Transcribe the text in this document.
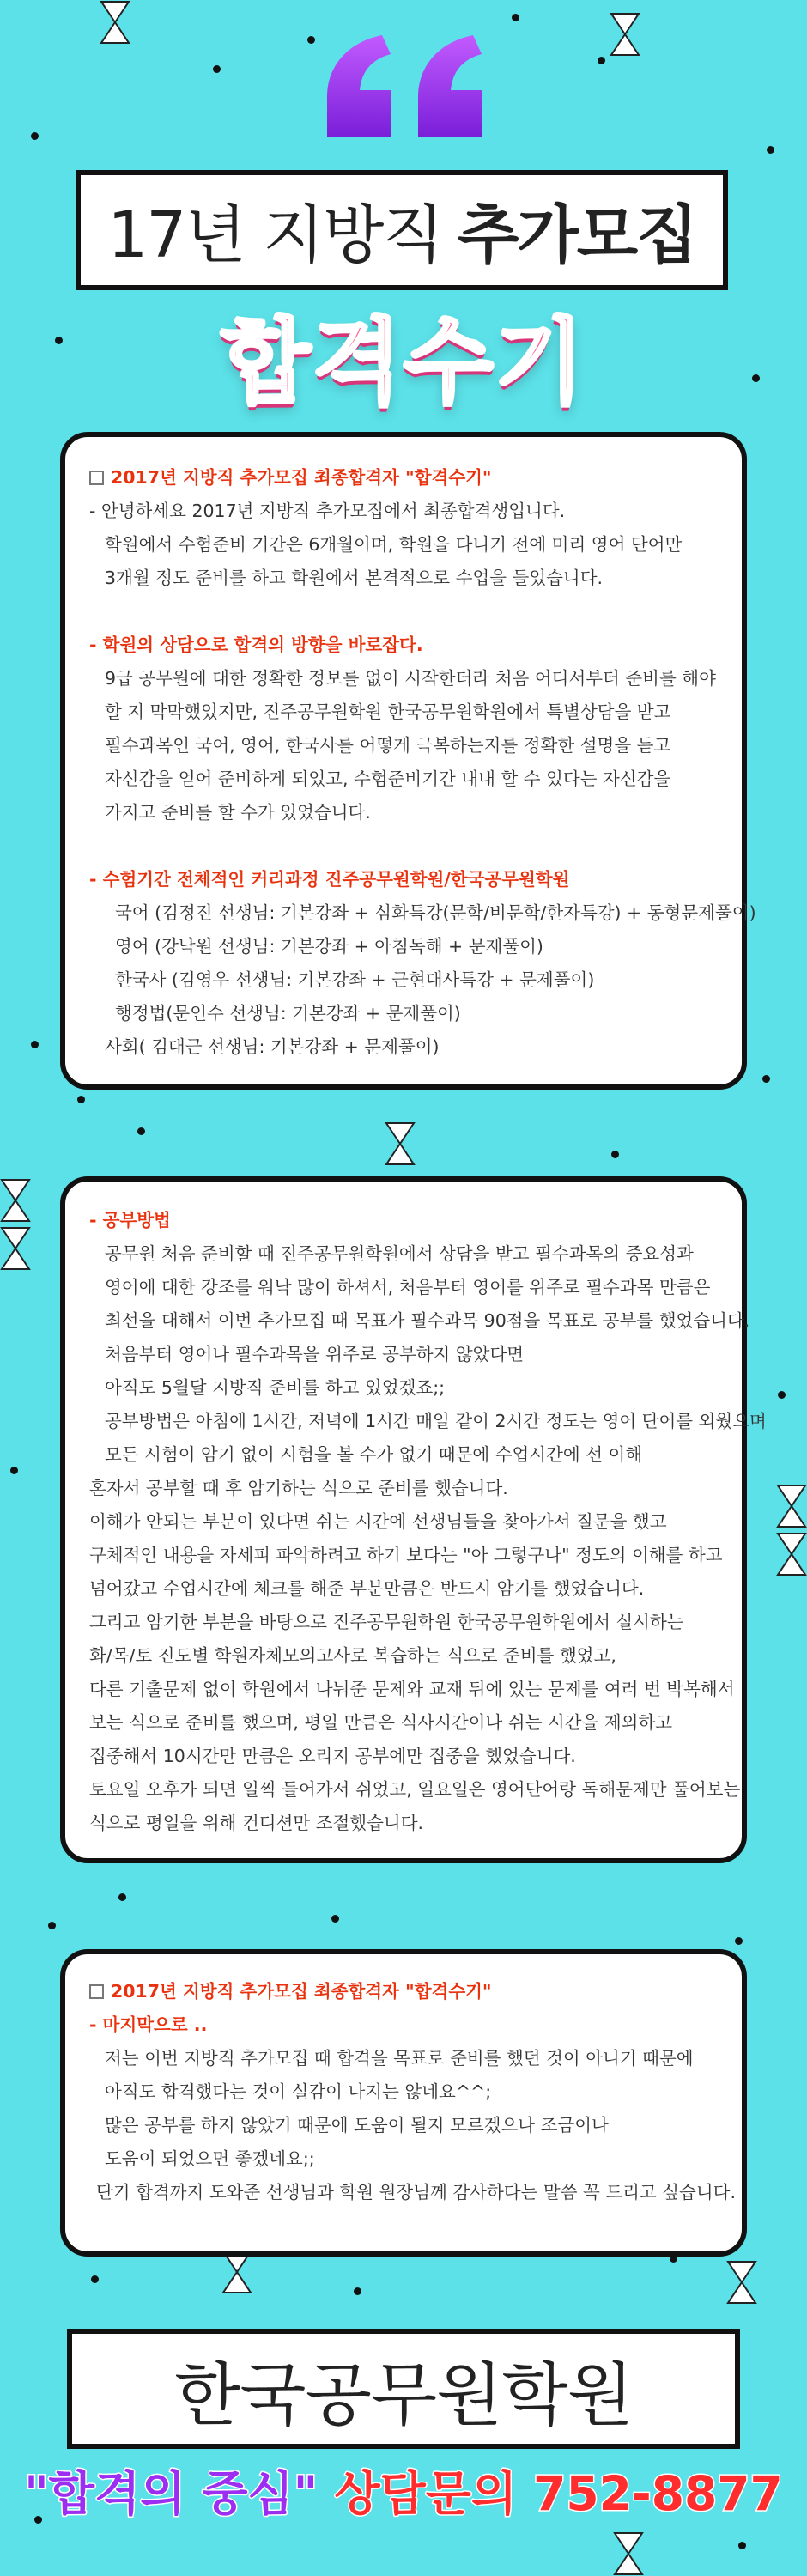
17년 지방직 추가모집
합격수기
2017년 지방직 추가모집 최종합격자 "합격수기"
- 안녕하세요 2017년 지방직 추가모집에서 최종합격생입니다.
학원에서 수험준비 기간은 6개월이며, 학원을 다니기 전에 미리 영어 단어만
3개월 정도 준비를 하고 학원에서 본격적으로 수업을 들었습니다.
- 학원의 상담으로 합격의 방향을 바로잡다.
9급 공무원에 대한 정확한 정보를 없이 시작한터라 처음 어디서부터 준비를 해야
할 지 막막했었지만, 진주공무원학원 한국공무원학원에서 특별상담을 받고
필수과목인 국어, 영어, 한국사를 어떻게 극복하는지를 정확한 설명을 듣고
자신감을 얻어 준비하게 되었고, 수험준비기간 내내 할 수 있다는 자신감을
가지고 준비를 할 수가 있었습니다.
- 수험기간 전체적인 커리과정 진주공무원학원/한국공무원학원
국어 (김정진 선생님: 기본강좌 + 심화특강(문학/비문학/한자특강) + 동형문제풀이)
영어 (강낙원 선생님: 기본강좌 + 아침독해 + 문제풀이)
한국사 (김영우 선생님: 기본강좌 + 근현대사특강 + 문제풀이)
행정법(문인수 선생님: 기본강좌 + 문제풀이)
사회( 김대근 선생님: 기본강좌 + 문제풀이)
- 공부방법
공무원 처음 준비할 때 진주공무원학원에서 상담을 받고 필수과목의 중요성과
영어에 대한 강조를 워낙 많이 하셔서, 처음부터 영어를 위주로 필수과목 만큼은
최선을 대해서 이번 추가모집 때 목표가 필수과목 90점을 목표로 공부를 했었습니다.
처음부터 영어나 필수과목을 위주로 공부하지 않았다면
아직도 5월달 지방직 준비를 하고 있었겠죠;;
공부방법은 아침에 1시간, 저녁에 1시간 매일 같이 2시간 정도는 영어 단어를 외웠으며
모든 시험이 암기 없이 시험을 볼 수가 없기 때문에 수업시간에 선 이해
혼자서 공부할 때 후 암기하는 식으로 준비를 했습니다.
이해가 안되는 부분이 있다면 쉬는 시간에 선생님들을 찾아가서 질문을 했고
구체적인 내용을 자세피 파악하려고 하기 보다는 "아 그렇구나" 정도의 이해를 하고
넘어갔고 수업시간에 체크를 해준 부분만큼은 반드시 암기를 했었습니다.
그리고 암기한 부분을 바탕으로 진주공무원학원 한국공무원학원에서 실시하는
화/목/토 진도별 학원자체모의고사로 복습하는 식으로 준비를 했었고,
다른 기출문제 없이 학원에서 나눠준 문제와 교재 뒤에 있는 문제를 여러 번 박복해서
보는 식으로 준비를 했으며, 평일 만큼은 식사시간이나 쉬는 시간을 제외하고
집중해서 10시간만 만큼은 오리지 공부에만 집중을 했었습니다.
토요일 오후가 되면 일찍 들어가서 쉬었고, 일요일은 영어단어랑 독해문제만 풀어보는
식으로 평일을 위해 컨디션만 조절했습니다.
2017년 지방직 추가모집 최종합격자 "합격수기"
- 마지막으로 ..
저는 이번 지방직 추가모집 때 합격을 목표로 준비를 했던 것이 아니기 때문에
아직도 합격했다는 것이 실감이 나지는 않네요^^;
많은 공부를 하지 않았기 때문에 도움이 될지 모르겠으나 조금이나
도움이 되었으면 좋겠네요;;
단기 합격까지 도와준 선생님과 학원 원장님께 감사하다는 말씀 꼭 드리고 싶습니다.
한국공무원학원
"합격의 중심" 상담문의 752-8877
